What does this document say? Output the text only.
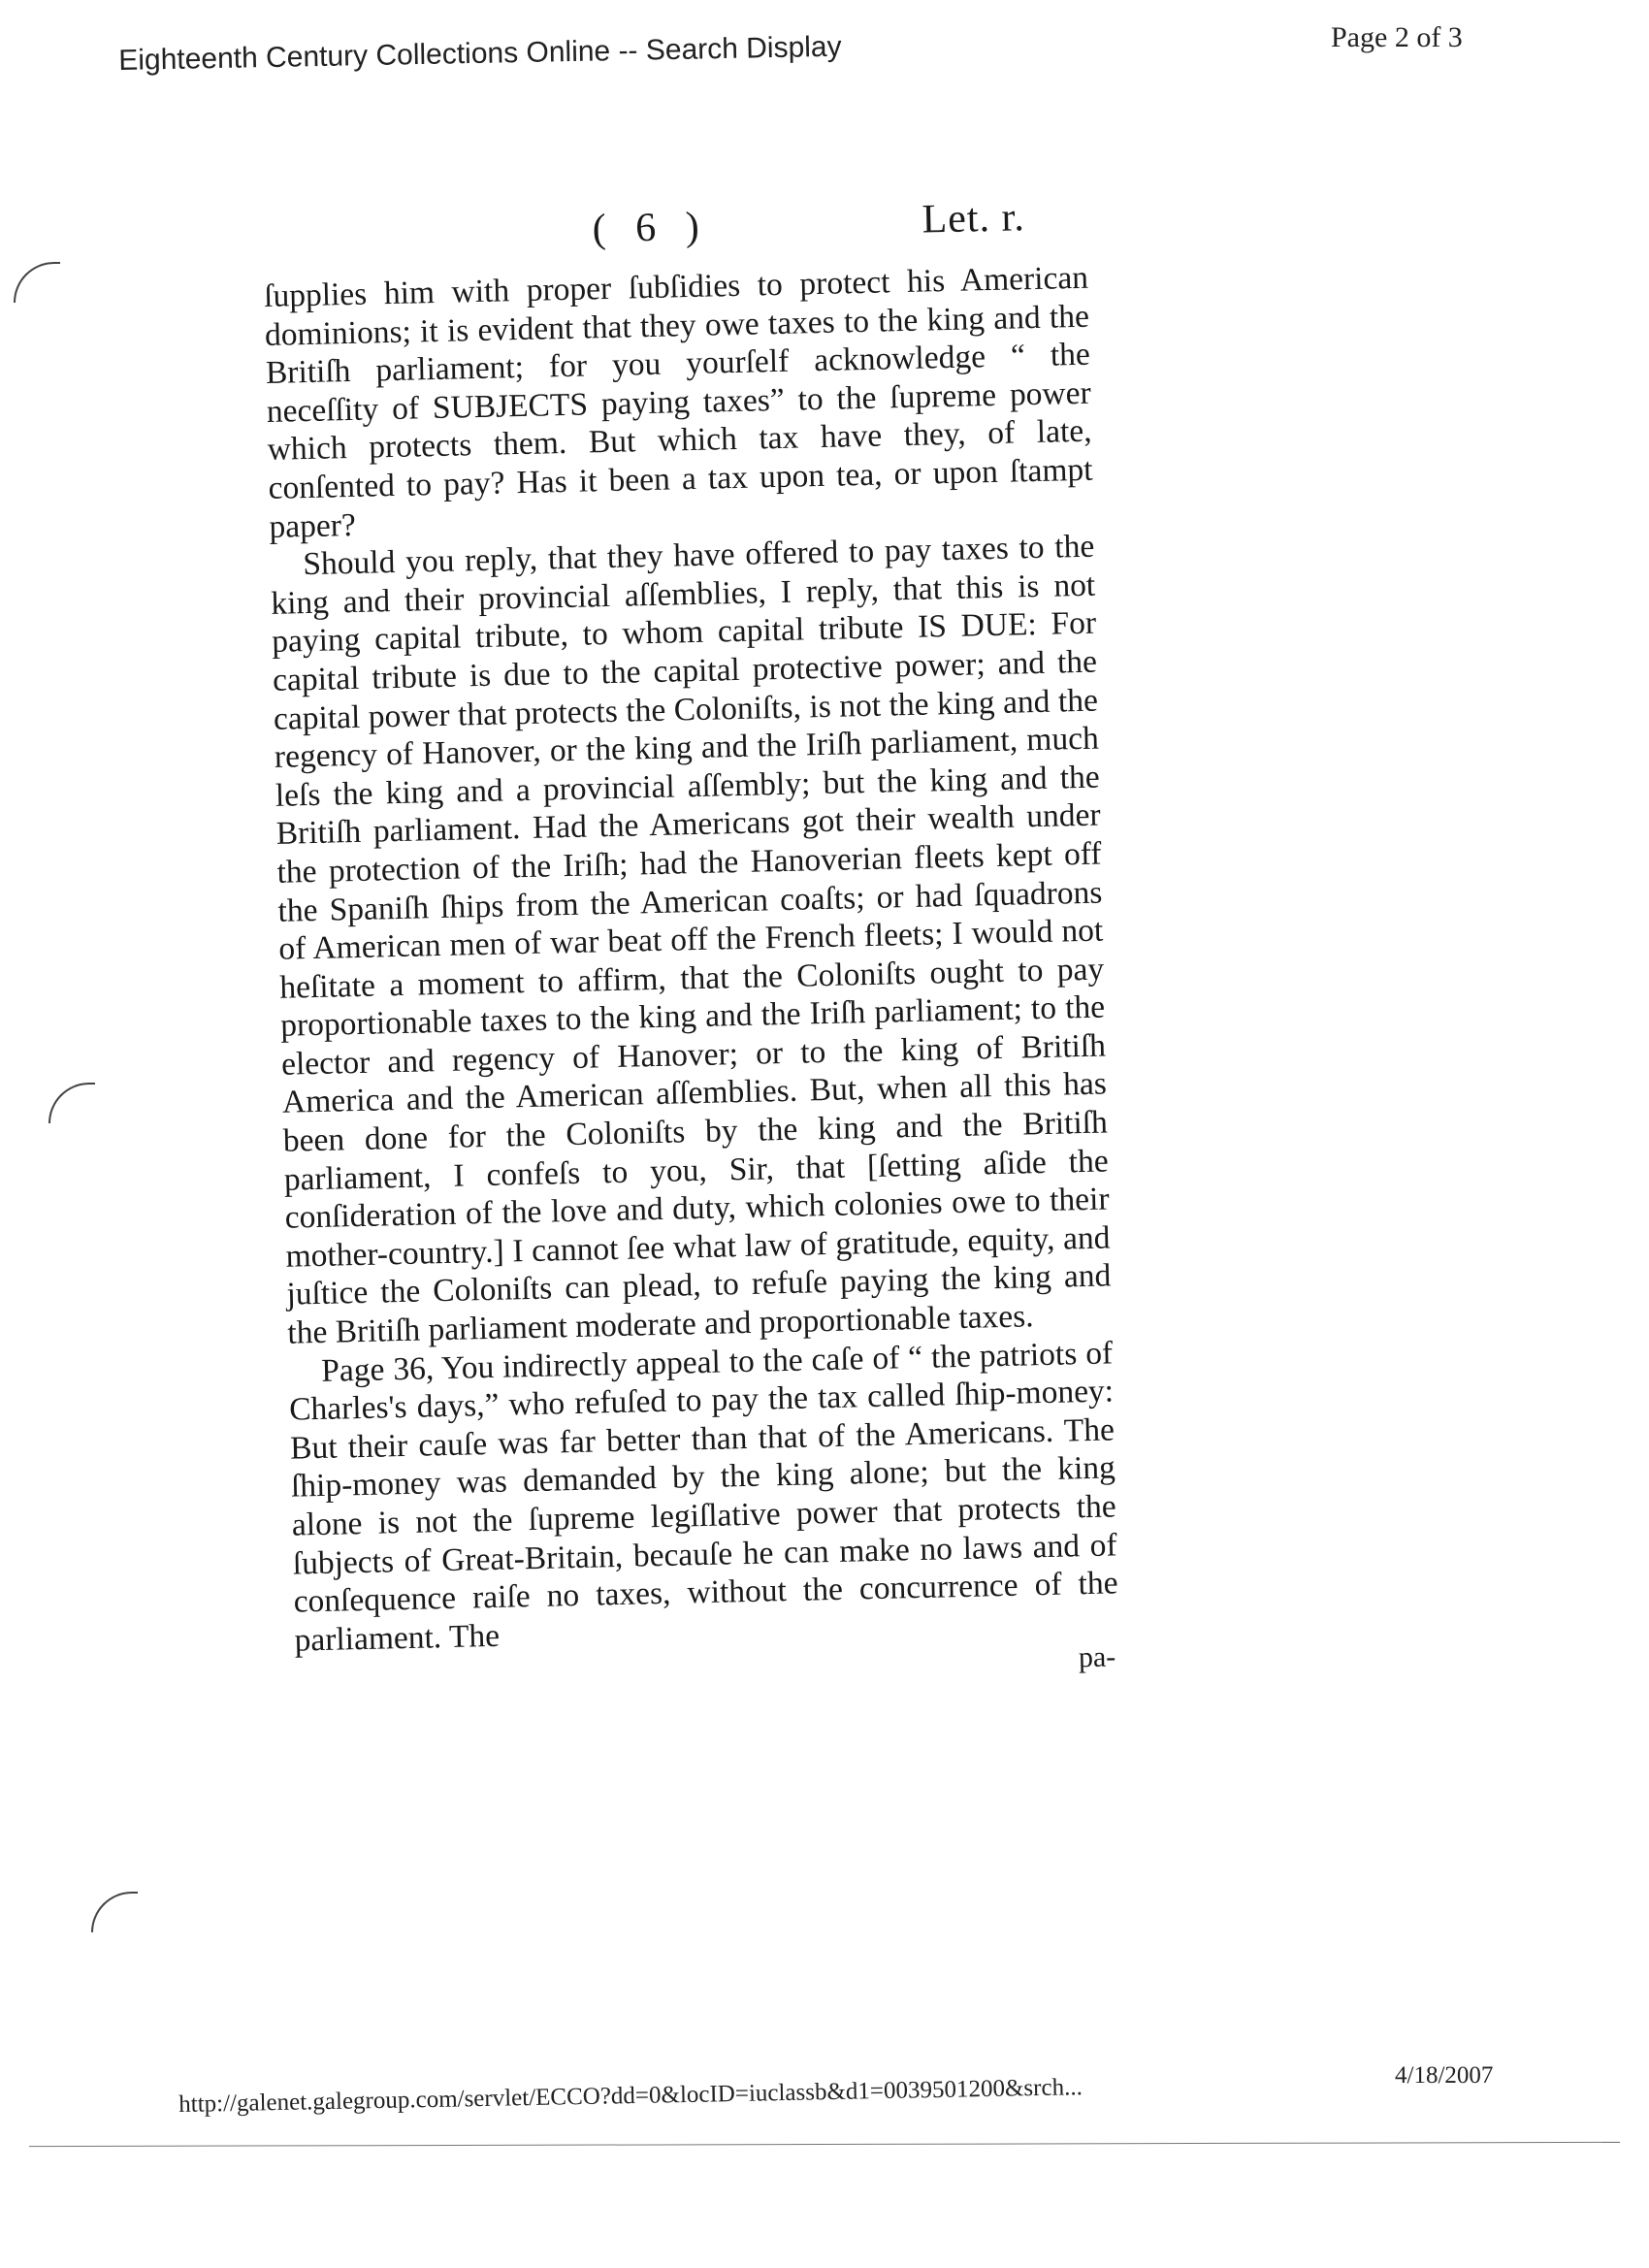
Eighteenth Century Collections Online -- Search Display	Page 2 of 3
( 6 )	Let. r.

ſupplies him with proper ſubſidies to protect his American dominions; it is evident that they owe taxes to the king and the Britiſh parliament; for you yourſelf acknowledge “ the neceſſity of SUBJECTS paying taxes” to the ſupreme power which protects them. But which tax have they, of late, conſented to pay? Has it been a tax upon tea, or upon ſtampt paper?

Should you reply, that they have offered to pay taxes to the king and their provincial aſſemblies, I reply, that this is not paying capital tribute, to whom capital tribute IS DUE: For capital tribute is due to the capital protective power; and the capital power that protects the Coloniſts, is not the king and the regency of Hanover, or the king and the Iriſh parliament, much leſs the king and a provincial aſſembly; but the king and the Britiſh parliament. Had the Americans got their wealth under the protection of the Iriſh; had the Hanoverian fleets kept off the Spaniſh ſhips from the American coaſts; or had ſquadrons of American men of war beat off the French fleets; I would not heſitate a moment to affirm, that the Coloniſts ought to pay proportionable taxes to the king and the Iriſh parliament; to the elector and regency of Hanover; or to the king of Britiſh America and the American aſſemblies. But, when all this has been done for the Coloniſts by the king and the Britiſh parliament, I confeſs to you, Sir, that [ſetting aſide the conſideration of the love and duty, which colonies owe to their mother-country.] I cannot ſee what law of gratitude, equity, and juſtice the Coloniſts can plead, to refuſe paying the king and the Britiſh parliament moderate and proportionable taxes.

Page 36, You indirectly appeal to the caſe of “ the patriots of Charles's days,” who refuſed to pay the tax called ſhip-money: But their cauſe was far better than that of the Americans. The ſhip-money was demanded by the king alone; but the king alone is not the ſupreme legiſlative power that protects the ſubjects of Great-Britain, becauſe he can make no laws and of conſequence raiſe no taxes, without the concurrence of the parliament. The	pa-
http://galenet.galegroup.com/servlet/ECCO?dd=0&locID=iuclassb&d1=0039501200&srch...	4/18/2007
